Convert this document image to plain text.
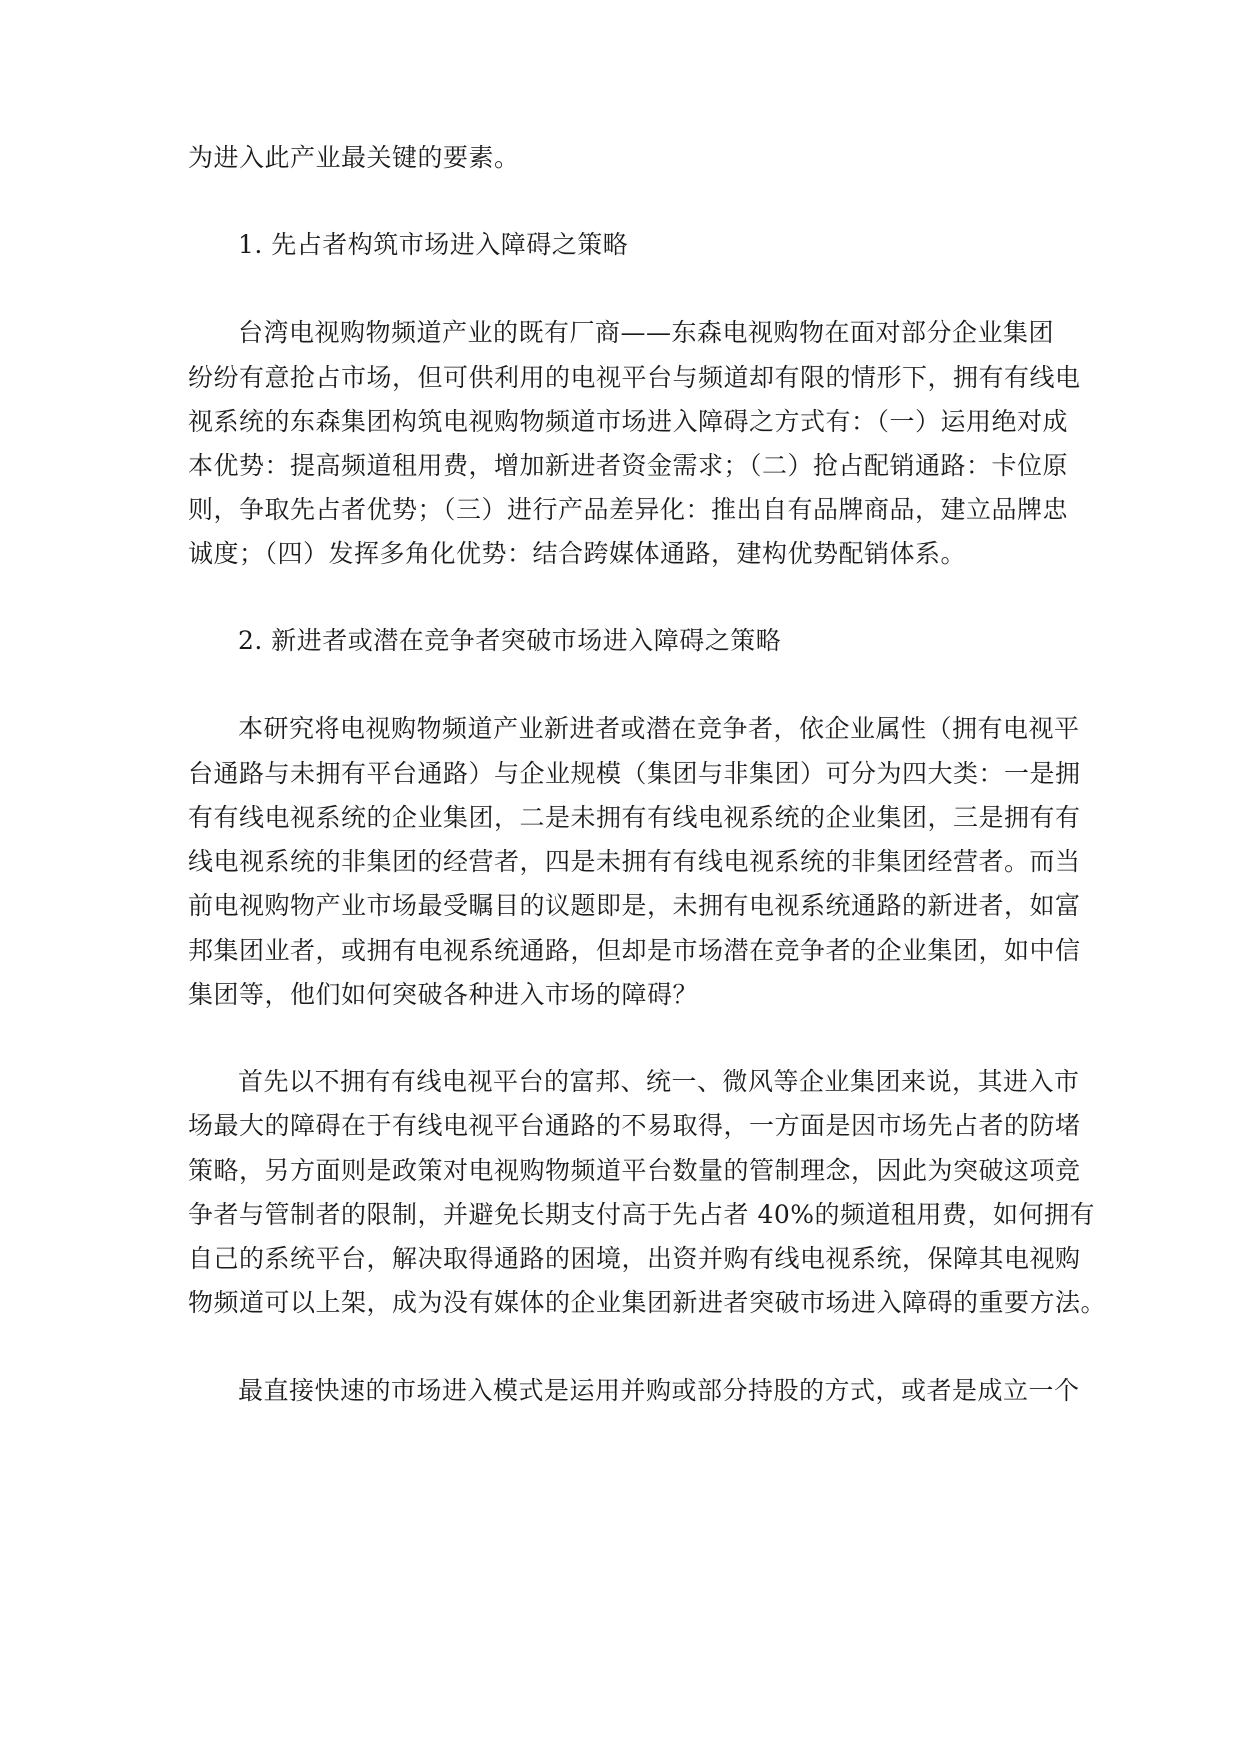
为进入此产业最关键的要素。
1. 先占者构筑市场进入障碍之策略
台湾电视购物频道产业的既有厂商——东森电视购物在面对部分企业集团
纷纷有意抢占市场，但可供利用的电视平台与频道却有限的情形下，拥有有线电
视系统的东森集团构筑电视购物频道市场进入障碍之方式有：（一）运用绝对成
本优势：提高频道租用费，增加新进者资金需求；（二）抢占配销通路：卡位原
则，争取先占者优势；（三）进行产品差异化：推出自有品牌商品，建立品牌忠
诚度；（四）发挥多角化优势：结合跨媒体通路，建构优势配销体系。
2. 新进者或潜在竞争者突破市场进入障碍之策略
本研究将电视购物频道产业新进者或潜在竞争者，依企业属性（拥有电视平
台通路与未拥有平台通路）与企业规模（集团与非集团）可分为四大类：一是拥
有有线电视系统的企业集团，二是未拥有有线电视系统的企业集团，三是拥有有
线电视系统的非集团的经营者，四是未拥有有线电视系统的非集团经营者。而当
前电视购物产业市场最受瞩目的议题即是，未拥有电视系统通路的新进者，如富
邦集团业者，或拥有电视系统通路，但却是市场潜在竞争者的企业集团，如中信
集团等，他们如何突破各种进入市场的障碍？
首先以不拥有有线电视平台的富邦、统一、微风等企业集团来说，其进入市
场最大的障碍在于有线电视平台通路的不易取得，一方面是因市场先占者的防堵
策略，另方面则是政策对电视购物频道平台数量的管制理念，因此为突破这项竞
争者与管制者的限制，并避免长期支付高于先占者 40%的频道租用费，如何拥有
自己的系统平台，解决取得通路的困境，出资并购有线电视系统，保障其电视购
物频道可以上架，成为没有媒体的企业集团新进者突破市场进入障碍的重要方法。
最直接快速的市场进入模式是运用并购或部分持股的方式，或者是成立一个
